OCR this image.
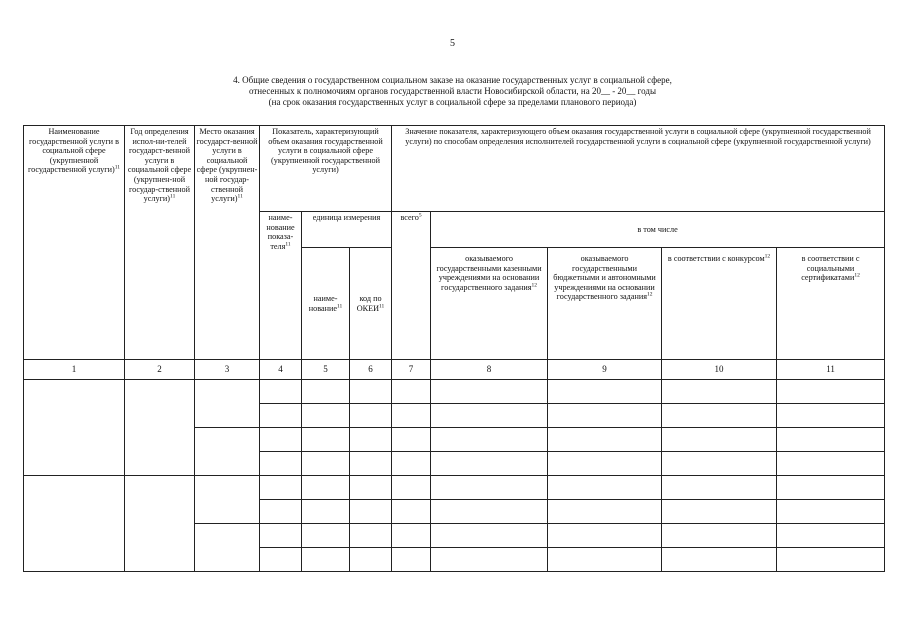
5
4. Общие сведения о государственном социальном заказе на оказание государственных услуг в социальной сфере,
отнесенных к полномочиям органов государственной власти Новосибирской области, на 20__ - 20__ годы
(на срок оказания государственных услуг в социальной сфере за пределами планового периода)
Наименование государственной услуги в социальной сфере (укрупненной государственной услуги)$^{11}$	Год определения испол-ни-телей государст-венной услуги в социальной сфере (укрупнен-ной государ-ственной услуги)$^{11}$	Место оказания государст-венной услуги в социальной сфере (укрупнен-ной государ-ственной услуги)$^{11}$	Показатель, характеризующий объем оказания государственной услуги в социальной сфере (укрупненной государственной услуги)			Значение показателя, характеризующего объем оказания государственной услуги в социальной сфере (укрупненной государственной услуги) по способам определения исполнителей государственной услуги в социальной сфере (укрупненной государственной услуги)				
			наиме-нование показа-теля$^{11}$	единица измерения		всего$^5$	в том числе			
				наиме-нование$^{11}$	код по ОКЕИ$^{11}$		оказываемого государственными казенными учреждениями на основании государственного задания$^{12}$	оказываемого государственными бюджетными и автономными учреждениями на основании государственного задания$^{12}$	в соответствии с конкурсом$^{12}$	в соответствии с социальными сертификатами$^{12}$
1	2	3	4	5	6	7	8	9	10	11
